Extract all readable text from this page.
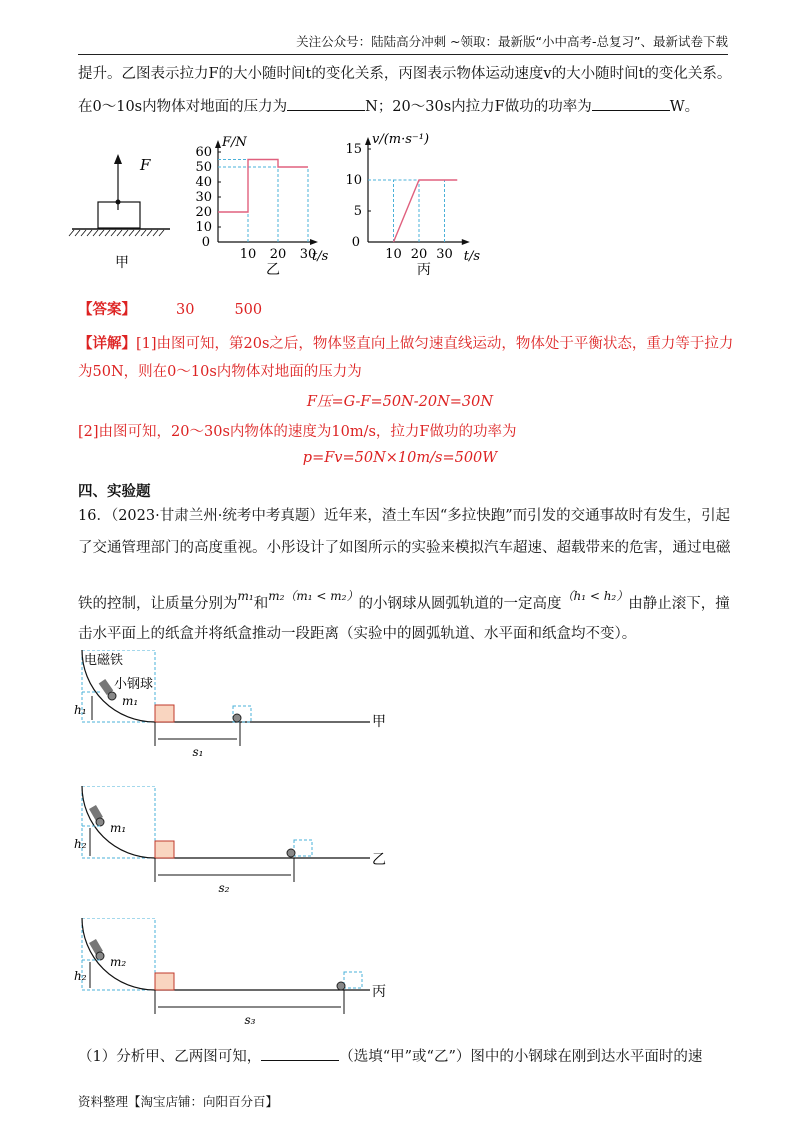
关注公众号：陆陆高分冲刺 ~领取：最新版“小中高考-总复习”、最新试卷下载
提升。乙图表示拉力F的大小随时间t的变化关系，丙图表示物体运动速度v的大小随时间t的变化关系。
在0～10s内物体对地面的压力为	N；20～30s内拉力F做功的功率为	W。
F
甲
F/N
t/s
0
10 20 30
10
20
30
40
50
60
乙
v/(m·s⁻¹)
t/s
0
10 20 30
5
10
15
丙
【答案】	30	500
【详解】[1]由图可知，第20s之后，物体竖直向上做匀速直线运动，物体处于平衡状态，重力等于拉力
为50N，则在0～10s内物体对地面的压力为
F压=G-F=50N-20N=30N
[2]由图可知，20～30s内物体的速度为10m/s，拉力F做功的功率为
p=Fv=50N×10m/s=500W
四、实验题
16．（2023·甘肃兰州·统考中考真题）近年来，渣土车因“多拉快跑”而引发的交通事故时有发生，引起
了交通管理部门的高度重视。小彤设计了如图所示的实验来模拟汽车超速、超载带来的危害，通过电磁
铁的控制，让质量分别为$^{m_1}$和$^{m_2(m_1 < m_2)}$的小钢球从圆弧轨道的一定高度$^{(h_1 < h_2)}$由静止滚下，撞
击水平面上的纸盒并将纸盒推动一段距离（实验中的圆弧轨道、水平面和纸盒均不变）。
h₁
m₁
电磁铁
小钢球
s₁
甲
h₂
m₁
s₂
乙
h₂
m₂
s₃
丙
（1）分析甲、乙两图可知，	（选填“甲”或“乙”）图中的小钢球在刚到达水平面时的速
资料整理【淘宝店铺：向阳百分百】
